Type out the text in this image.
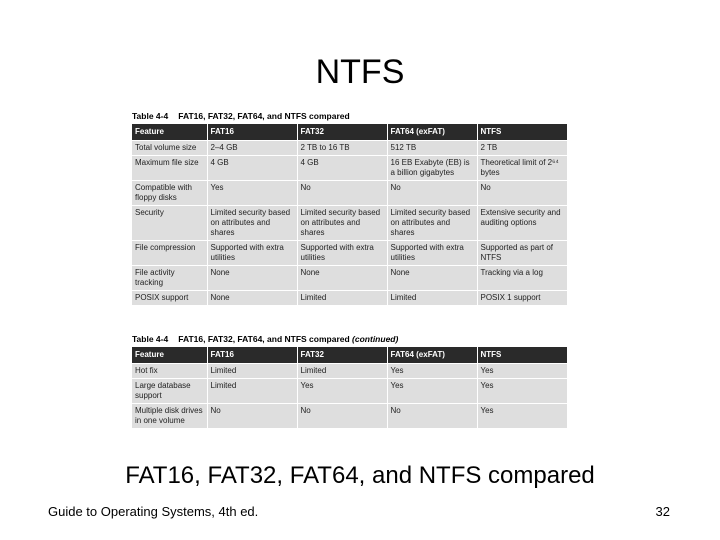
NTFS
Table 4-4 FAT16, FAT32, FAT64, and NTFS compared
Feature	FAT16	FAT32	FAT64 (exFAT)	NTFS
Total volume size	2–4 GB	2 TB to 16 TB	512 TB	2 TB
Maximum file size	4 GB	4 GB	16 EB Exabyte (EB) is a billion gigabytes	Theoretical limit of 2⁶⁴ bytes
Compatible with floppy disks	Yes	No	No	No
Security	Limited security based on attributes and shares	Limited security based on attributes and shares	Limited security based on attributes and shares	Extensive security and auditing options
File compression	Supported with extra utilities	Supported with extra utilities	Supported with extra utilities	Supported as part of NTFS
File activity tracking	None	None	None	Tracking via a log
POSIX support	None	Limited	Limited	POSIX 1 support
Table 4-4 FAT16, FAT32, FAT64, and NTFS compared (continued)
Feature	FAT16	FAT32	FAT64 (exFAT)	NTFS
Hot fix	Limited	Limited	Yes	Yes
Large database support	Limited	Yes	Yes	Yes
Multiple disk drives in one volume	No	No	No	Yes
FAT16, FAT32, FAT64, and NTFS compared
Guide to Operating Systems, 4th ed.	32
